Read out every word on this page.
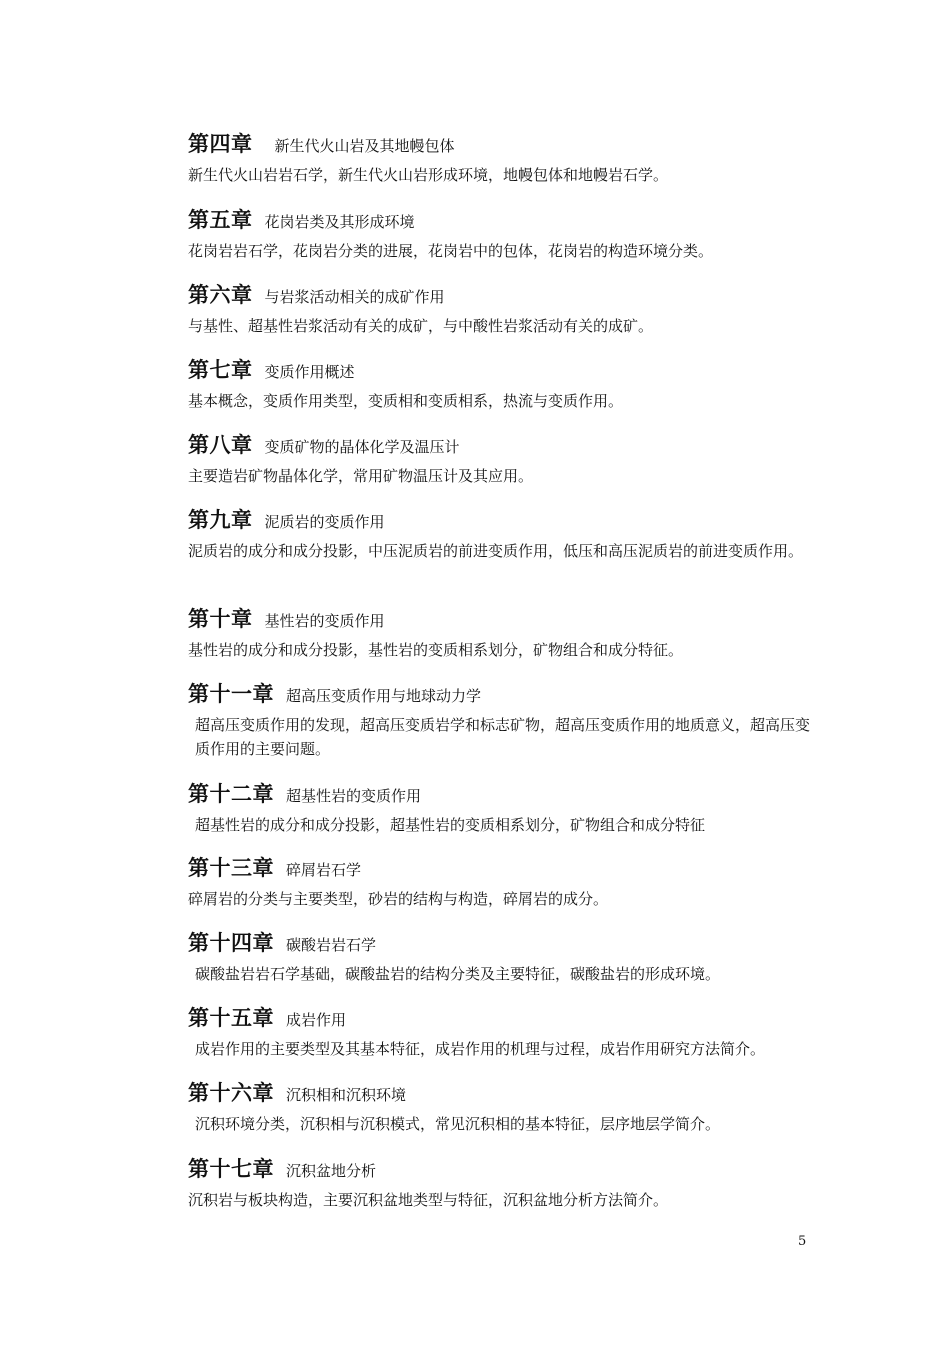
第四章 新生代火山岩及其地幔包体
新生代火山岩岩石学，新生代火山岩形成环境，地幔包体和地幔岩石学。
第五章 花岗岩类及其形成环境
花岗岩岩石学，花岗岩分类的进展，花岗岩中的包体，花岗岩的构造环境分类。
第六章 与岩浆活动相关的成矿作用
与基性、超基性岩浆活动有关的成矿，与中酸性岩浆活动有关的成矿。
第七章 变质作用概述
基本概念，变质作用类型，变质相和变质相系，热流与变质作用。
第八章 变质矿物的晶体化学及温压计
主要造岩矿物晶体化学，常用矿物温压计及其应用。
第九章 泥质岩的变质作用
泥质岩的成分和成分投影，中压泥质岩的前进变质作用，低压和高压泥质岩的前进变质作用。
第十章 基性岩的变质作用
基性岩的成分和成分投影，基性岩的变质相系划分，矿物组合和成分特征。
第十一章 超高压变质作用与地球动力学
超高压变质作用的发现，超高压变质岩学和标志矿物，超高压变质作用的地质意义，超高压变质作用的主要问题。
第十二章 超基性岩的变质作用
超基性岩的成分和成分投影，超基性岩的变质相系划分，矿物组合和成分特征
第十三章 碎屑岩石学
碎屑岩的分类与主要类型，砂岩的结构与构造，碎屑岩的成分。
第十四章 碳酸岩岩石学
碳酸盐岩岩石学基础，碳酸盐岩的结构分类及主要特征，碳酸盐岩的形成环境。
第十五章 成岩作用
成岩作用的主要类型及其基本特征，成岩作用的机理与过程，成岩作用研究方法简介。
第十六章 沉积相和沉积环境
沉积环境分类，沉积相与沉积模式，常见沉积相的基本特征，层序地层学简介。
第十七章 沉积盆地分析
沉积岩与板块构造，主要沉积盆地类型与特征，沉积盆地分析方法简介。
5
